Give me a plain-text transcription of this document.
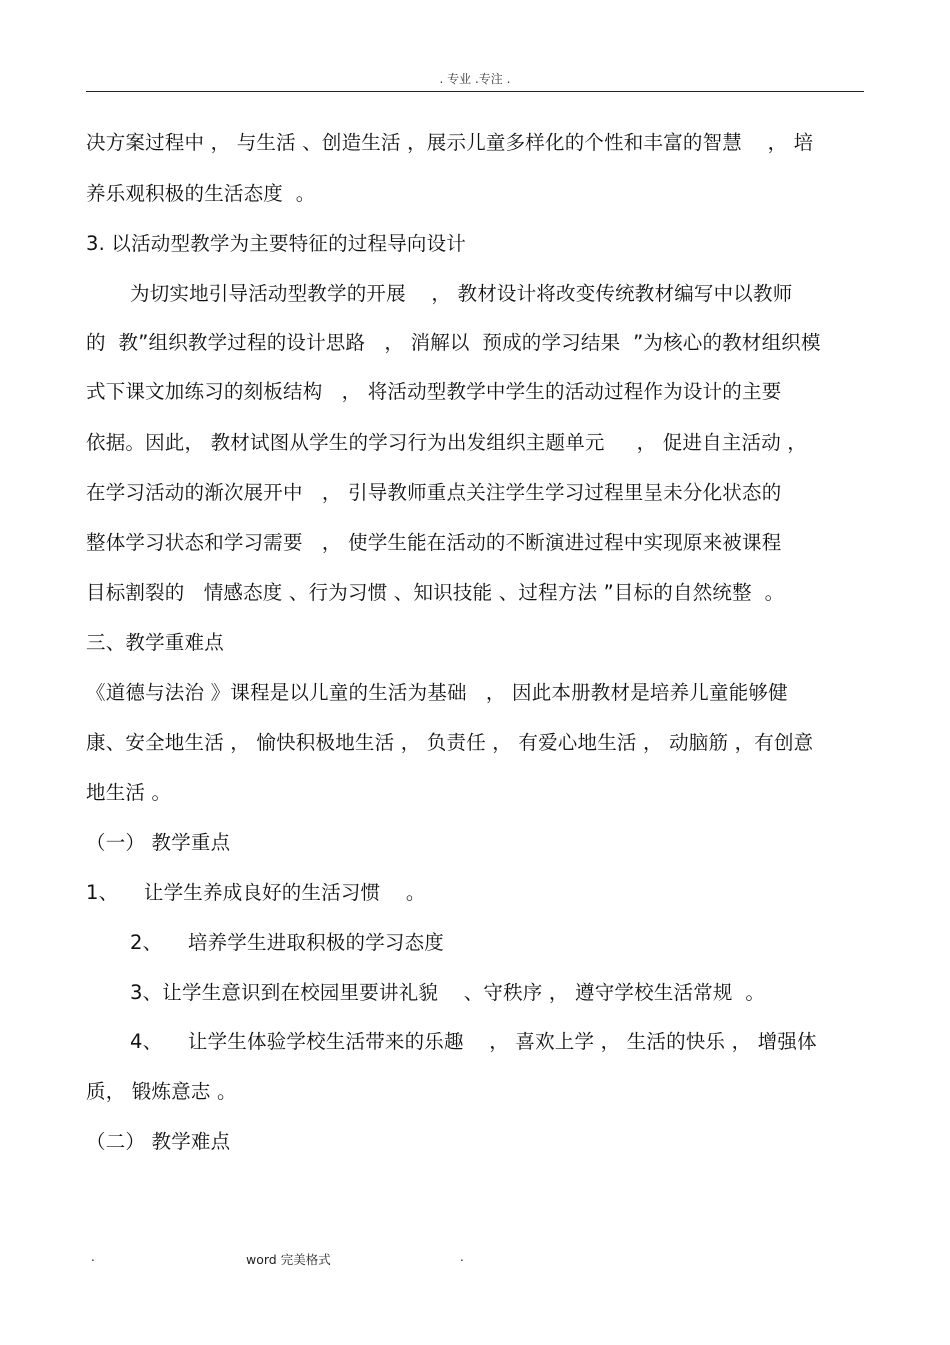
. 专业 .专注 .
决方案过程中 ， 与生活 、创造生活 ，展示儿童多样化的个性和丰富的智慧    ， 培
养乐观积极的生活态度  。
3. 以活动型教学为主要特征的过程导向设计
为切实地引导活动型教学的开展    ， 教材设计将改变传统教材编写中以教师
的  教”组织教学过程的设计思路   ， 消解以  预成的学习结果  ”为核心的教材组织模
式下课文加练习的刻板结构   ， 将活动型教学中学生的活动过程作为设计的主要
依据。因此， 教材试图从学生的学习行为出发组织主题单元     ， 促进自主活动 ，
在学习活动的渐次展开中   ， 引导教师重点关注学生学习过程里呈未分化状态的
整体学习状态和学习需要   ， 使学生能在活动的不断演进过程中实现原来被课程
目标割裂的   情感态度 、行为习惯 、知识技能 、过程方法 ”目标的自然统整  。
三、教学重难点
《道德与法治 》课程是以儿童的生活为基础   ， 因此本册教材是培养儿童能够健
康、安全地生活 ， 愉快积极地生活 ， 负责任 ， 有爱心地生活 ， 动脑筋 ，有创意
地生活 。
（一） 教学重点
1、    让学生养成良好的生活习惯    。
2、    培养学生进取积极的学习态度
3、让学生意识到在校园里要讲礼貌    、守秩序 ， 遵守学校生活常规  。
4、    让学生体验学校生活带来的乐趣    ， 喜欢上学 ， 生活的快乐 ， 增强体
质， 锻炼意志 。
（二） 教学难点
.	word 完美格式	.
